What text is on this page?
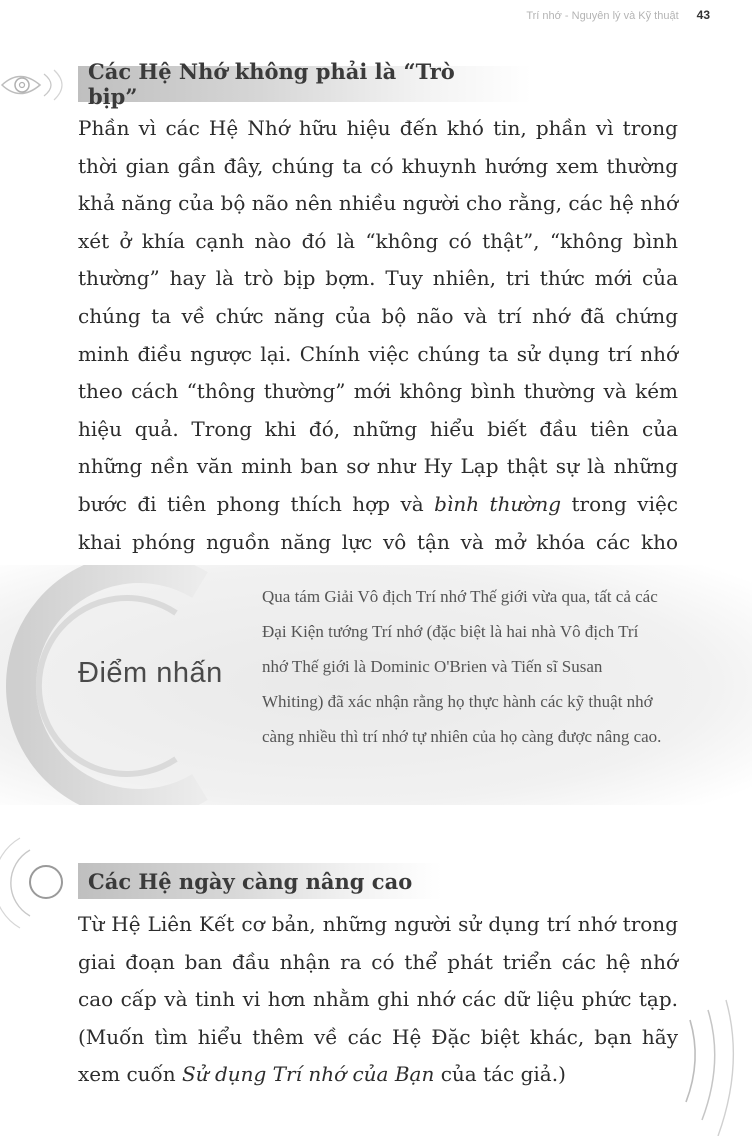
Trí nhớ - Nguyên lý và Kỹ thuật 43
Các Hệ Nhớ không phải là “Trò bịp”

Phần vì các Hệ Nhớ hữu hiệu đến khó tin, phần vì trong thời gian gần đây, chúng ta có khuynh hướng xem thường khả năng của bộ não nên nhiều người cho rằng, các hệ nhớ xét ở khía cạnh nào đó là “không có thật”, “không bình thường” hay là trò bịp bợm. Tuy nhiên, tri thức mới của chúng ta về chức năng của bộ não và trí nhớ đã chứng minh điều ngược lại. Chính việc chúng ta sử dụng trí nhớ theo cách “thông thường” mới không bình thường và kém hiệu quả. Trong khi đó, những hiểu biết đầu tiên của những nền văn minh ban sơ như Hy Lạp thật sự là những bước đi tiên phong thích hợp và bình thường trong việc khai phóng nguồn năng lực vô tận và mở khóa các kho

Điểm nhấn

Qua tám Giải Vô địch Trí nhớ Thế giới vừa qua, tất cả các Đại Kiện tướng Trí nhớ (đặc biệt là hai nhà Vô địch Trí nhớ Thế giới là Dominic O'Brien và Tiến sĩ Susan Whiting) đã xác nhận rằng họ thực hành các kỹ thuật nhớ càng nhiều thì trí nhớ tự nhiên của họ càng được nâng cao.

Các Hệ ngày càng nâng cao

Từ Hệ Liên Kết cơ bản, những người sử dụng trí nhớ trong giai đoạn ban đầu nhận ra có thể phát triển các hệ nhớ cao cấp và tinh vi hơn nhằm ghi nhớ các dữ liệu phức tạp. (Muốn tìm hiểu thêm về các Hệ Đặc biệt khác, bạn hãy xem cuốn Sử dụng Trí nhớ của Bạn của tác giả.)
